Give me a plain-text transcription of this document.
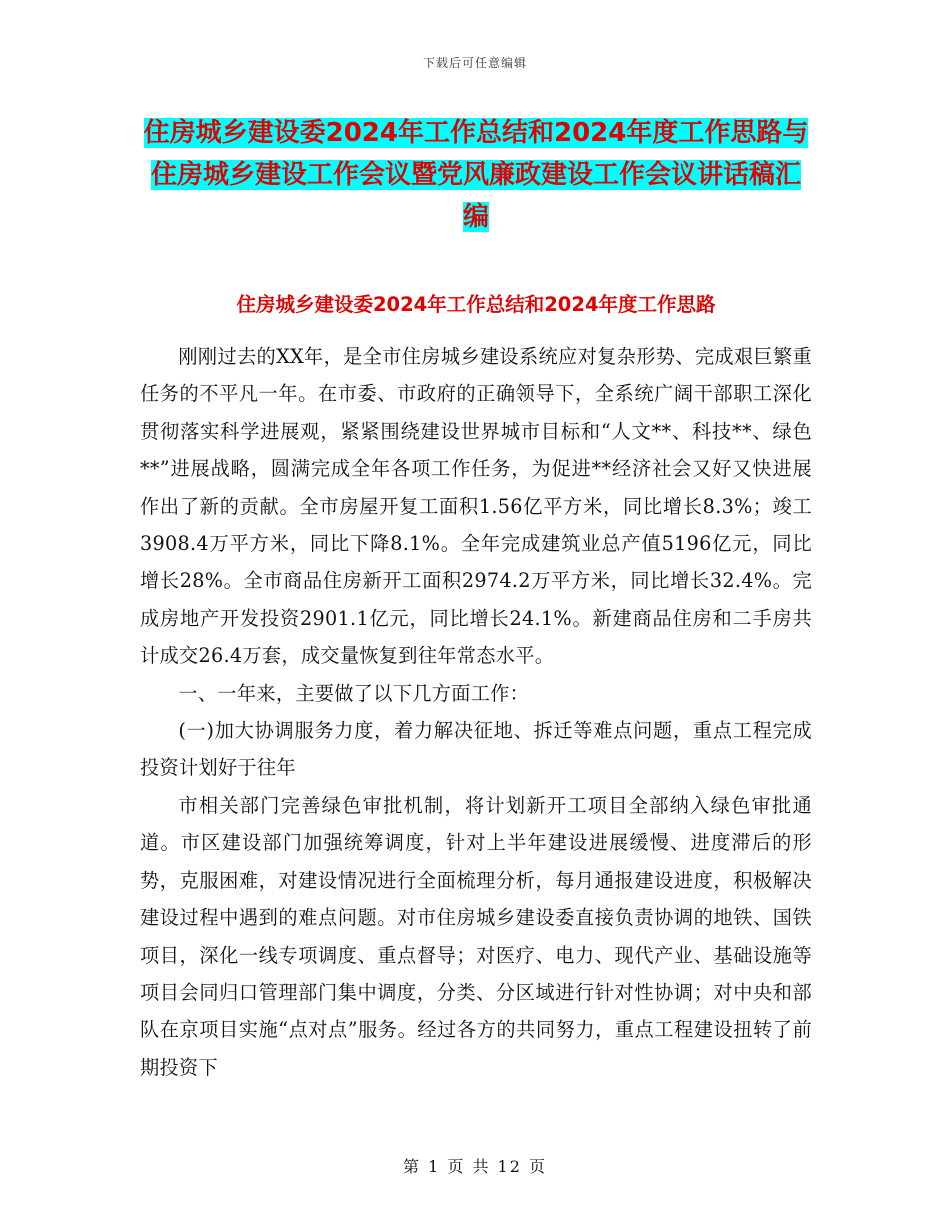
下载后可任意编辑
住房城乡建设委2024年工作总结和2024年度工作思路与住房城乡建设工作会议暨党风廉政建设工作会议讲话稿汇编
住房城乡建设委2024年工作总结和2024年度工作思路

刚刚过去的XX年，是全市住房城乡建设系统应对复杂形势、完成艰巨繁重任务的不平凡一年。在市委、市政府的正确领导下，全系统广阔干部职工深化贯彻落实科学进展观，紧紧围绕建设世界城市目标和“人文**、科技**、绿色**”进展战略，圆满完成全年各项工作任务，为促进**经济社会又好又快进展作出了新的贡献。全市房屋开复工面积1.56亿平方米，同比增长8.3%；竣工3908.4万平方米，同比下降8.1%。全年完成建筑业总产值5196亿元，同比增长28%。全市商品住房新开工面积2974.2万平方米，同比增长32.4%。完成房地产开发投资2901.1亿元，同比增长24.1%。新建商品住房和二手房共计成交26.4万套，成交量恢复到往年常态水平。

一、一年来，主要做了以下几方面工作：

(一)加大协调服务力度，着力解决征地、拆迁等难点问题，重点工程完成投资计划好于往年

市相关部门完善绿色审批机制，将计划新开工项目全部纳入绿色审批通道。市区建设部门加强统筹调度，针对上半年建设进展缓慢、进度滞后的形势，克服困难，对建设情况进行全面梳理分析，每月通报建设进度，积极解决建设过程中遇到的难点问题。对市住房城乡建设委直接负责协调的地铁、国铁项目，深化一线专项调度、重点督导；对医疗、电力、现代产业、基础设施等项目会同归口管理部门集中调度，分类、分区域进行针对性协调；对中央和部队在京项目实施“点对点”服务。经过各方的共同努力，重点工程建设扭转了前期投资下

第 1 页 共 12 页
